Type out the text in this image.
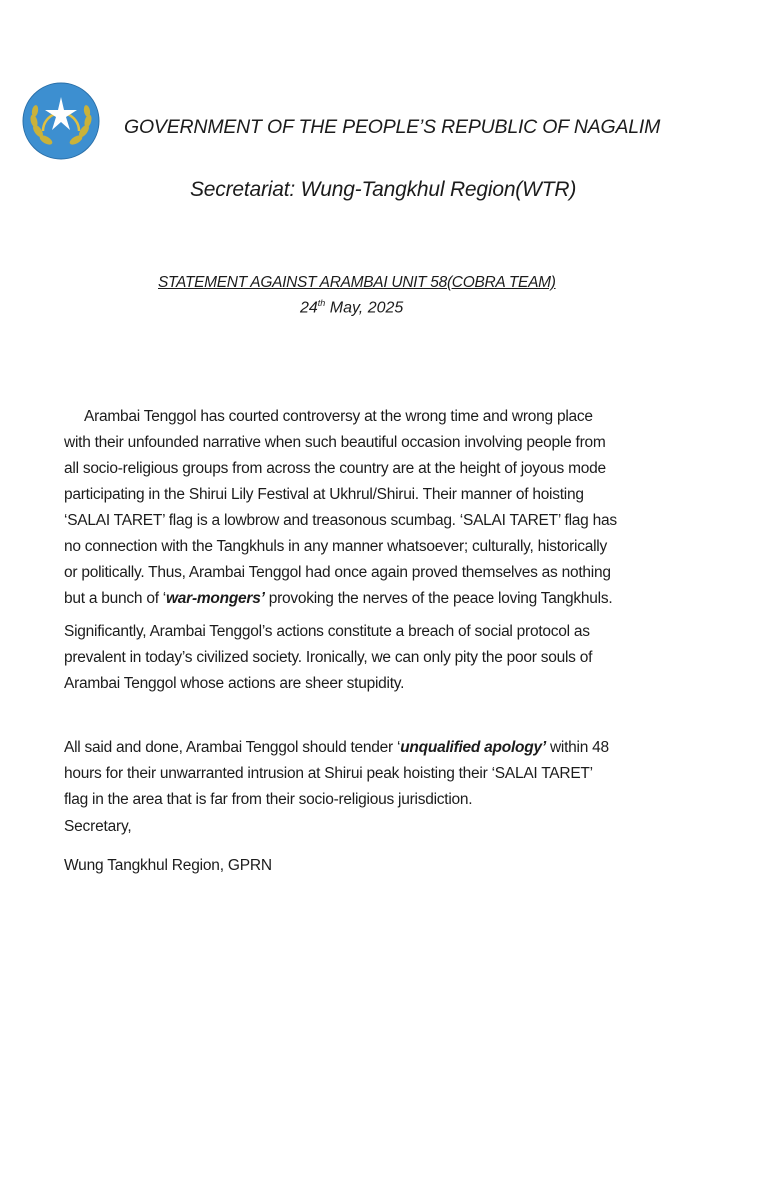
GOVERNMENT OF THE PEOPLE’S REPUBLIC OF NAGALIM
Secretariat: Wung-Tangkhul Region(WTR)
STATEMENT AGAINST ARAMBAI UNIT 58(COBRA TEAM)
24th May, 2025
Arambai Tenggol has courted controversy at the wrong time and wrong place
with their unfounded narrative when such beautiful occasion involving people from
all socio-religious groups from across the country are at the height of joyous mode
participating in the Shirui Lily Festival at Ukhrul/Shirui. Their manner of hoisting
‘SALAI TARET’ flag is a lowbrow and treasonous scumbag. ‘SALAI TARET’ flag has
no connection with the Tangkhuls in any manner whatsoever; culturally, historically
or politically. Thus, Arambai Tenggol had once again proved themselves as nothing
but a bunch of ‘war-mongers’ provoking the nerves of the peace loving Tangkhuls.
Significantly, Arambai Tenggol’s actions constitute a breach of social protocol as
prevalent in today’s civilized society. Ironically, we can only pity the poor souls of
Arambai Tenggol whose actions are sheer stupidity.
All said and done, Arambai Tenggol should tender ‘unqualified apology’ within 48
hours for their unwarranted intrusion at Shirui peak hoisting their ‘SALAI TARET’
flag in the area that is far from their socio-religious jurisdiction.
Secretary,
Wung Tangkhul Region, GPRN
